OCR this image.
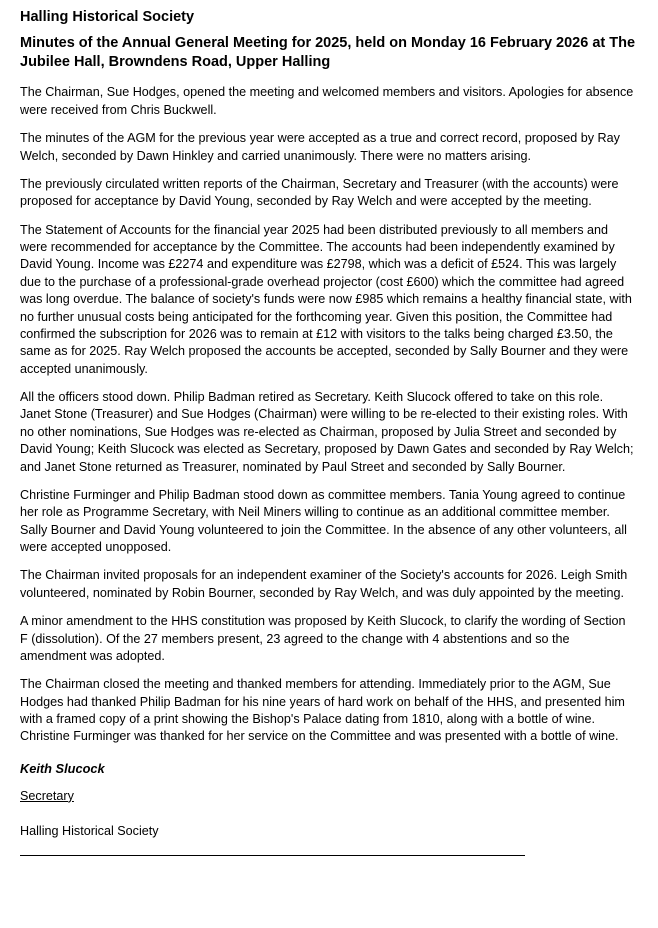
Halling Historical Society
Minutes of the Annual General Meeting for 2025, held on Monday 16 February 2026 at The Jubilee Hall, Browndens Road, Upper Halling

The Chairman, Sue Hodges, opened the meeting and welcomed members and visitors. Apologies for absence were received from Chris Buckwell.

The minutes of the AGM for the previous year were accepted as a true and correct record, proposed by Ray Welch, seconded by Dawn Hinkley and carried unanimously. There were no matters arising.

The previously circulated written reports of the Chairman, Secretary and Treasurer (with the accounts) were proposed for acceptance by David Young, seconded by Ray Welch and were accepted by the meeting.

The Statement of Accounts for the financial year 2025 had been distributed previously to all members and were recommended for acceptance by the Committee. The accounts had been independently examined by David Young. Income was £2274 and expenditure was £2798, which was a deficit of £524. This was largely due to the purchase of a professional-grade overhead projector (cost £600) which the committee had agreed was long overdue. The balance of society's funds were now £985 which remains a healthy financial state, with no further unusual costs being anticipated for the forthcoming year. Given this position, the Committee had confirmed the subscription for 2026 was to remain at £12 with visitors to the talks being charged £3.50, the same as for 2025. Ray Welch proposed the accounts be accepted, seconded by Sally Bourner and they were accepted unanimously.

All the officers stood down. Philip Badman retired as Secretary. Keith Slucock offered to take on this role. Janet Stone (Treasurer) and Sue Hodges (Chairman) were willing to be re-elected to their existing roles. With no other nominations, Sue Hodges was re-elected as Chairman, proposed by Julia Street and seconded by David Young; Keith Slucock was elected as Secretary, proposed by Dawn Gates and seconded by Ray Welch; and Janet Stone returned as Treasurer, nominated by Paul Street and seconded by Sally Bourner.

Christine Furminger and Philip Badman stood down as committee members. Tania Young agreed to continue her role as Programme Secretary, with Neil Miners willing to continue as an additional committee member. Sally Bourner and David Young volunteered to join the Committee. In the absence of any other volunteers, all were accepted unopposed.

The Chairman invited proposals for an independent examiner of the Society's accounts for 2026. Leigh Smith volunteered, nominated by Robin Bourner, seconded by Ray Welch, and was duly appointed by the meeting.

A minor amendment to the HHS constitution was proposed by Keith Slucock, to clarify the wording of Section F (dissolution). Of the 27 members present, 23 agreed to the change with 4 abstentions and so the amendment was adopted.

The Chairman closed the meeting and thanked members for attending. Immediately prior to the AGM, Sue Hodges had thanked Philip Badman for his nine years of hard work on behalf of the HHS, and presented him with a framed copy of a print showing the Bishop's Palace dating from 1810, along with a bottle of wine. Christine Furminger was thanked for her service on the Committee and was presented with a bottle of wine.

Keith Slucock

Secretary

Halling Historical Society
